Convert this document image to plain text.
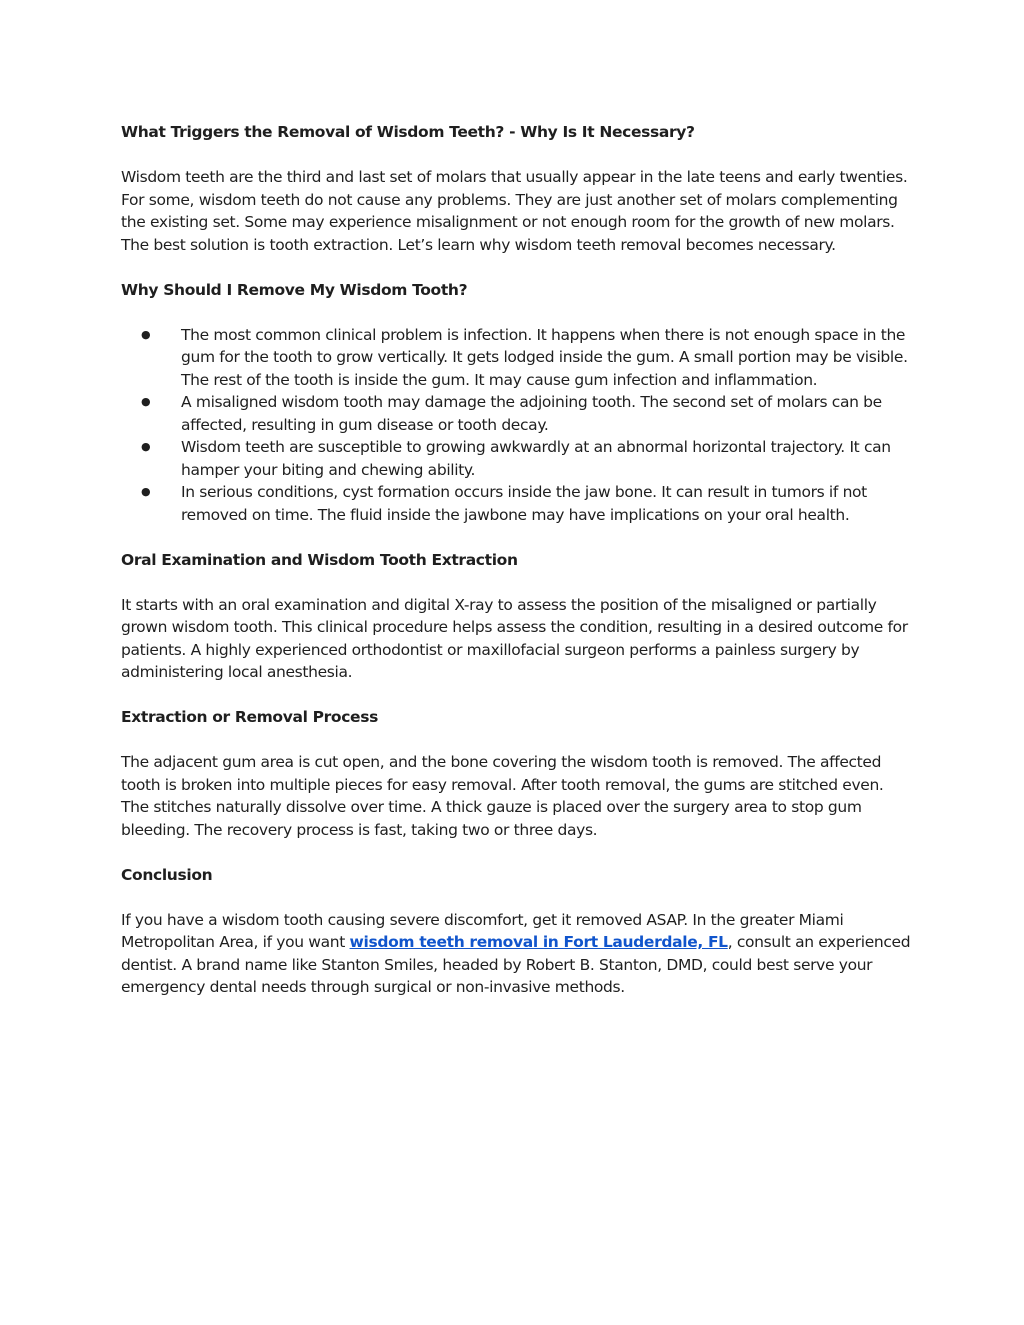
What Triggers the Removal of Wisdom Teeth? - Why Is It Necessary?

Wisdom teeth are the third and last set of molars that usually appear in the late teens and early twenties. For some, wisdom teeth do not cause any problems. They are just another set of molars complementing the existing set. Some may experience misalignment or not enough room for the growth of new molars. The best solution is tooth extraction. Let’s learn why wisdom teeth removal becomes necessary.

Why Should I Remove My Wisdom Tooth?
● The most common clinical problem is infection. It happens when there is not enough space in the gum for the tooth to grow vertically. It gets lodged inside the gum. A small portion may be visible. The rest of the tooth is inside the gum. It may cause gum infection and inflammation.
● A misaligned wisdom tooth may damage the adjoining tooth. The second set of molars can be affected, resulting in gum disease or tooth decay.
● Wisdom teeth are susceptible to growing awkwardly at an abnormal horizontal trajectory. It can hamper your biting and chewing ability.
● In serious conditions, cyst formation occurs inside the jaw bone. It can result in tumors if not removed on time. The fluid inside the jawbone may have implications on your oral health.
Oral Examination and Wisdom Tooth Extraction

It starts with an oral examination and digital X-ray to assess the position of the misaligned or partially grown wisdom tooth. This clinical procedure helps assess the condition, resulting in a desired outcome for patients. A highly experienced orthodontist or maxillofacial surgeon performs a painless surgery by administering local anesthesia.

Extraction or Removal Process

The adjacent gum area is cut open, and the bone covering the wisdom tooth is removed. The affected tooth is broken into multiple pieces for easy removal. After tooth removal, the gums are stitched even. The stitches naturally dissolve over time. A thick gauze is placed over the surgery area to stop gum bleeding. The recovery process is fast, taking two or three days.

Conclusion

If you have a wisdom tooth causing severe discomfort, get it removed ASAP. In the greater Miami Metropolitan Area, if you want wisdom teeth removal in Fort Lauderdale, FL, consult an experienced dentist. A brand name like Stanton Smiles, headed by Robert B. Stanton, DMD, could best serve your emergency dental needs through surgical or non-invasive methods.
